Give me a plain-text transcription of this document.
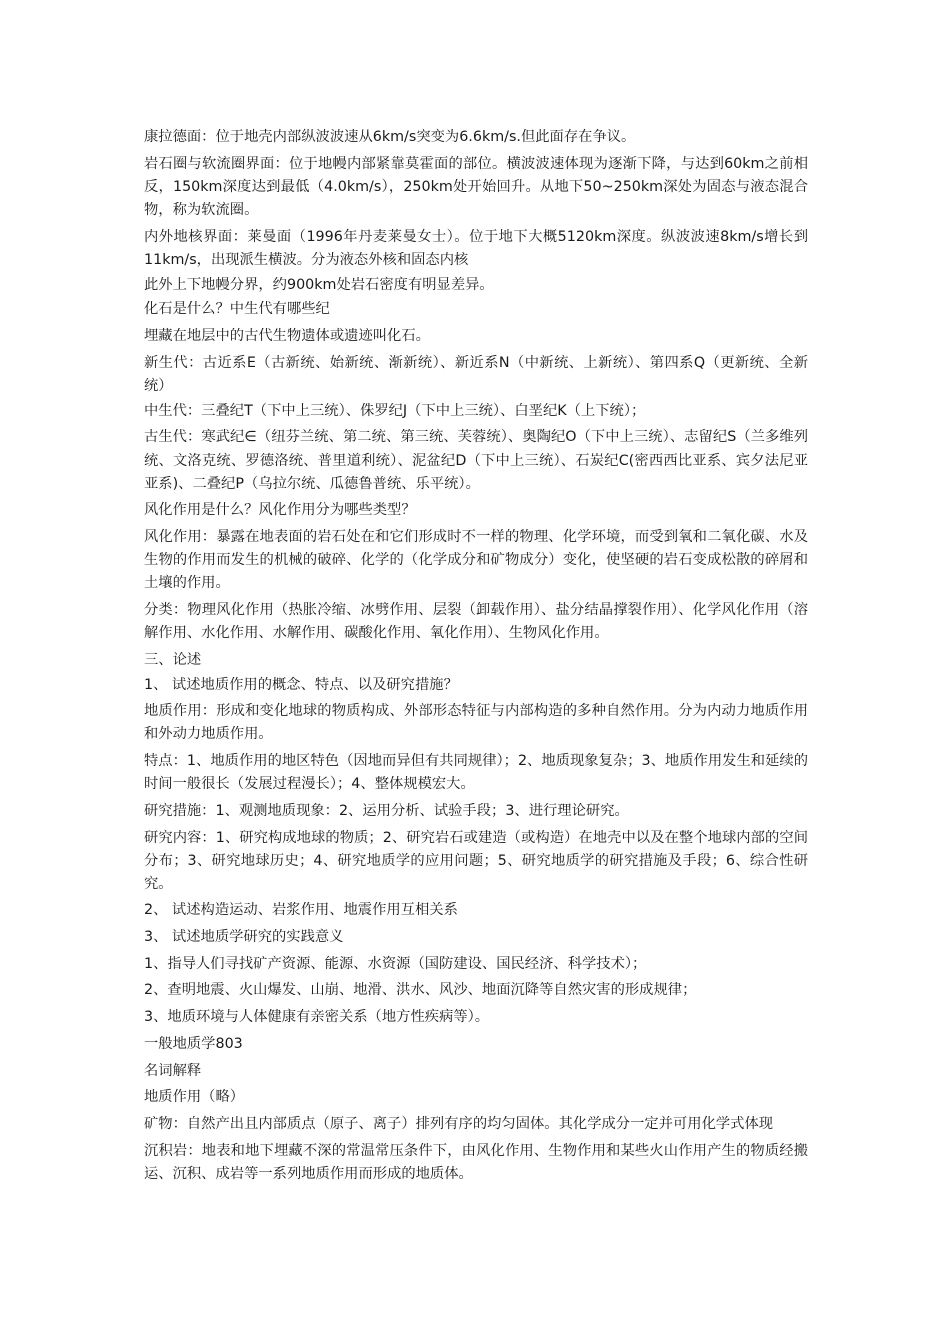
康拉德面：位于地壳内部纵波波速从6km/s突变为6.6km/s.但此面存在争议。

岩石圈与软流圈界面：位于地幔内部紧靠莫霍面的部位。横波波速体现为逐渐下降，与达到60km之前相反，150km深度达到最低（4.0km/s），250km处开始回升。从地下50~250km深处为固态与液态混合物，称为软流圈。

内外地核界面：莱曼面（1996年丹麦莱曼女士）。位于地下大概5120km深度。纵波波速8km/s增长到11km/s，出现派生横波。分为液态外核和固态内核

此外上下地幔分界，约900km处岩石密度有明显差异。

化石是什么？中生代有哪些纪

埋藏在地层中的古代生物遗体或遗迹叫化石。

新生代：古近系E（古新统、始新统、渐新统）、新近系N（中新统、上新统）、第四系Q（更新统、全新统）

中生代：三叠纪T（下中上三统）、侏罗纪J（下中上三统）、白垩纪K（上下统）；

古生代：寒武纪∈（纽芬兰统、第二统、第三统、芙蓉统）、奥陶纪O（下中上三统）、志留纪S（兰多维列统、文洛克统、罗德洛统、普里道利统）、泥盆纪D（下中上三统）、石炭纪C(密西西比亚系、宾夕法尼亚亚系)、二叠纪P（乌拉尔统、瓜德鲁普统、乐平统）。

风化作用是什么？风化作用分为哪些类型？

风化作用：暴露在地表面的岩石处在和它们形成时不一样的物理、化学环境，而受到氧和二氧化碳、水及生物的作用而发生的机械的破碎、化学的（化学成分和矿物成分）变化，使坚硬的岩石变成松散的碎屑和土壤的作用。

分类：物理风化作用（热胀冷缩、冰劈作用、层裂（卸载作用）、盐分结晶撑裂作用）、化学风化作用（溶解作用、水化作用、水解作用、碳酸化作用、氧化作用）、生物风化作用。

三、论述

1、 试述地质作用的概念、特点、以及研究措施？

地质作用：形成和变化地球的物质构成、外部形态特征与内部构造的多种自然作用。分为内动力地质作用和外动力地质作用。

特点：1、地质作用的地区特色（因地而异但有共同规律）；2、地质现象复杂；3、地质作用发生和延续的时间一般很长（发展过程漫长）；4、整体规模宏大。

研究措施：1、观测地质现象：2、运用分析、试验手段；3、进行理论研究。

研究内容：1、研究构成地球的物质；2、研究岩石或建造（或构造）在地壳中以及在整个地球内部的空间分布；3、研究地球历史；4、研究地质学的应用问题；5、研究地质学的研究措施及手段；6、综合性研究。

2、 试述构造运动、岩浆作用、地震作用互相关系

3、 试述地质学研究的实践意义

1、指导人们寻找矿产资源、能源、水资源（国防建设、国民经济、科学技术）；

2、查明地震、火山爆发、山崩、地滑、洪水、风沙、地面沉降等自然灾害的形成规律；

3、地质环境与人体健康有亲密关系（地方性疾病等）。

一般地质学803

名词解释

地质作用（略）

矿物：自然产出且内部质点（原子、离子）排列有序的均匀固体。其化学成分一定并可用化学式体现

沉积岩：地表和地下埋藏不深的常温常压条件下，由风化作用、生物作用和某些火山作用产生的物质经搬运、沉积、成岩等一系列地质作用而形成的地质体。
